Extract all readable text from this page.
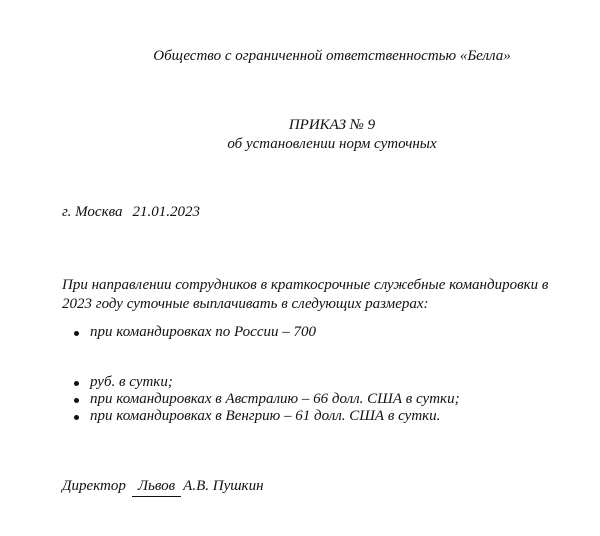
Общество с ограниченной ответственностью «Белла»
ПРИКАЗ № 9
об установлении норм суточных
г. Москва 21.01.2023

При направлении сотрудников в краткосрочные служебные командировки в 2023 году суточные выплачивать в следующих размерах:

при командировках по России – 700
руб. в сутки;
при командировках в Австралию – 66 долл. США в сутки;
при командировках в Венгрию – 61 долл. США в сутки.
Директор Львов А.В. Пушкин
